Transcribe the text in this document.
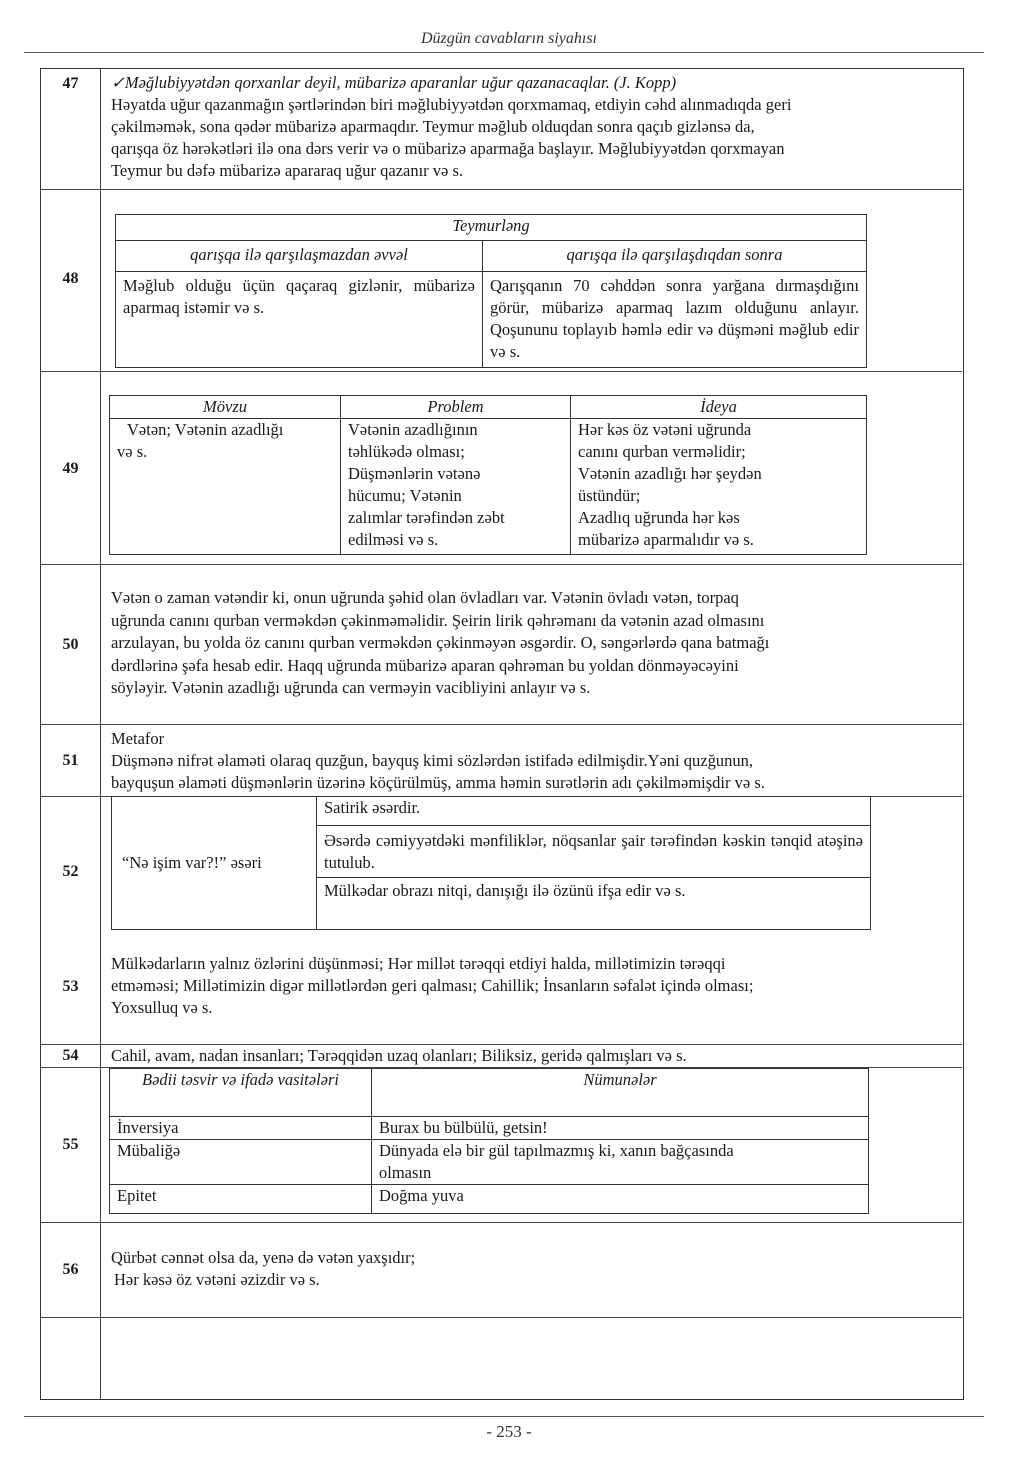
Düzgün cavabların siyahısı
47	✓Məğlubiyyətdən qorxanlar deyil, mübarizə aparanlar uğur qazanacaqlar. (J. Kopp)
Həyatda uğur qazanmağın şərtlərindən biri məğlubiyyətdən qorxmamaq, etdiyin cəhd alınmadıqda geri
çəkilməmək, sona qədər mübarizə aparmaqdır. Teymur məğlub olduqdan sonra qaçıb gizlənsə da,
qarışqa öz hərəkətləri ilə ona dərs verir və o mübarizə aparmağa başlayır. Məğlubiyyətdən qorxmayan
Teymur bu dəfə mübarizə apararaq uğur qazanır və s.
48
Teymurləng	
qarışqa ilə qarşılaşmazdan əvvəl	qarışqa ilə qarşılaşdıqdan sonra
Məğlub olduğu üçün qaçaraq gizlənir, mübarizə aparmaq istəmir və s.	Qarışqanın 70 cəhddən sonra yarğana dırmaşdığını görür, mübarizə aparmaq lazım olduğunu anlayır. Qoşununu toplayıb həmlə edir və düşməni məğlub edir və s.
49
Mövzu	Problem	İdeya

Vətən; Vətənin azadlığı
və s.

Vətənin azadlığının
təhlükədə olması;
Düşmənlərin vətənə
hücumu; Vətənin
zalımlar tərəfindən zəbt
edilməsi və s.

Hər kəs öz vətəni uğrunda
canını qurban verməlidir;
Vətənin azadlığı hər şeydən
üstündür;
Azadlıq uğrunda hər kəs
mübarizə aparmalıdır və s.
50
Vətən o zaman vətəndir ki, onun uğrunda şəhid olan övladları var. Vətənin övladı vətən, torpaq
uğrunda canını qurban verməkdən çəkinməməlidir. Şeirin lirik qəhrəmanı da vətənin azad olmasını
arzulayan, bu yolda öz canını qurban verməkdən çəkinməyən əsgərdir. O, səngərlərdə qana batmağı
dərdlərinə şəfa hesab edir. Haqq uğrunda mübarizə aparan qəhrəman bu yoldan dönməyəcəyini
söyləyir. Vətənin azadlığı uğrunda can verməyin vacibliyini anlayır və s.
51
Metafor
Düşmənə nifrət əlaməti olaraq quzğun, bayquş kimi sözlərdən istifadə edilmişdir.Yəni quzğunun,
bayquşun əlaməti düşmənlərin üzərinə köçürülmüş, amma həmin surətlərin adı çəkilməmişdir və s.
52	“Nə işim var?!” əsəri	Satirik əsərdir.
Əsərdə cəmiyyətdəki mənfiliklər, nöqsanlar şair tərəfindən kəskin tənqid atəşinə tutulub.
Mülkədar obrazı nitqi, danışığı ilə özünü ifşa edir və s.
53
Mülkədarların yalnız özlərini düşünməsi; Hər millət tərəqqi etdiyi halda, millətimizin tərəqqi
etməməsi; Millətimizin digər millətlərdən geri qalması; Cahillik; İnsanların səfalət içində olması;
Yoxsulluq və s.
54	Cahil, avam, nadan insanları; Tərəqqidən uzaq olanları; Biliksiz, geridə qalmışları və s.
55
Bədii təsvir və ifadə vasitələri	Nümunələr
İnversiya	Burax bu bülbülü, getsin!
Mübaliğə	Dünyada elə bir gül tapılmazmış ki, xanın bağçasında olmasın
Epitet	Doğma yuva
56
Qürbət cənnət olsa da, yenə də vətən yaxşıdır;
Hər kəsə öz vətəni əzizdir və s.
- 253 -
